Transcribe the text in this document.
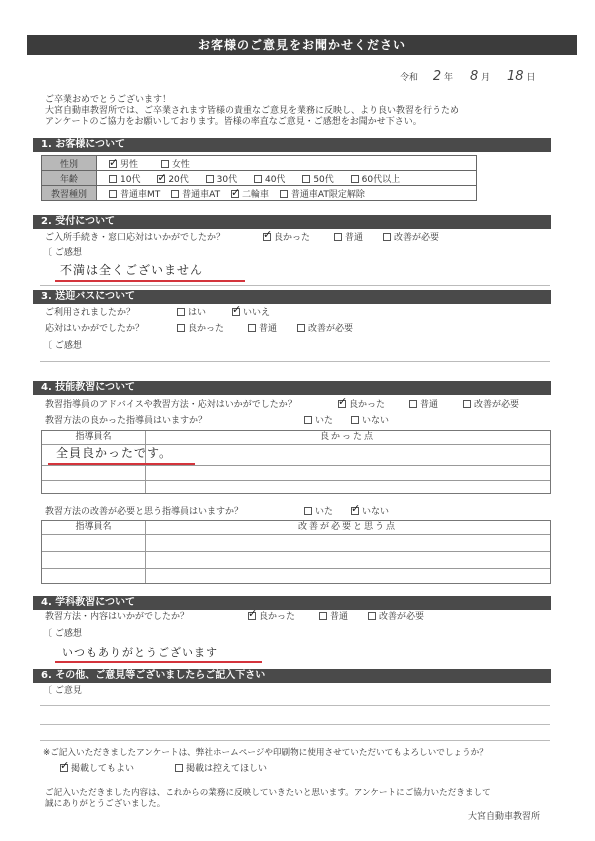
お客様のご意見をお聞かせください
令和 2 年 8 月 18 日
ご卒業おめでとうございます！
大宮自動車教習所では、ご卒業されます皆様の貴重なご意見を業務に反映し、より良い教習を行うため
アンケートのご協力をお願いしております。皆様の率直なご意見・ご感想をお聞かせ下さい。
1. お客様について
性別	✓男性 女性
年齢	10代 ✓ 20代 30代 40代 50代 60代以上
教習種別	普通車MT 普通車AT ✓ 二輪車 普通車AT限定解除
2. 受付について
ご入所手続き・窓口応対はいかがでしたか？ ✓	良かった	普通	改善が必要
〔 ご感想
不満は全くございません
3. 送迎バスについて
ご利用されましたか？	はい ✓	いいえ
応対はいかがでしたか？	良かった	普通	改善が必要
〔 ご感想
4. 技能教習について
教習指導員のアドバイスや教習方法・応対はいかがでしたか？ ✓	良かった	普通	改善が必要
教習方法の良かった指導員はいますか？	いた	いない
指導員名	良かった点
全員良かったです。
教習方法の改善が必要と思う指導員はいますか？	いた ✓	いない
指導員名	改善が必要と思う点
4. 学科教習について
教習方法・内容はいかがでしたか？ ✓	良かった	普通	改善が必要
〔 ご感想
いつもありがとうございます
6. その他、ご意見等ございましたらご記入下さい
〔 ご意見
※ご記入いただきましたアンケートは、弊社ホームページや印刷物に使用させていただいてもよろしいでしょうか？
✓掲載してもよい	掲載は控えてほしい
ご記入いただきました内容は、これからの業務に反映していきたいと思います。アンケートにご協力いただきまして
誠にありがとうございました。
大宮自動車教習所
